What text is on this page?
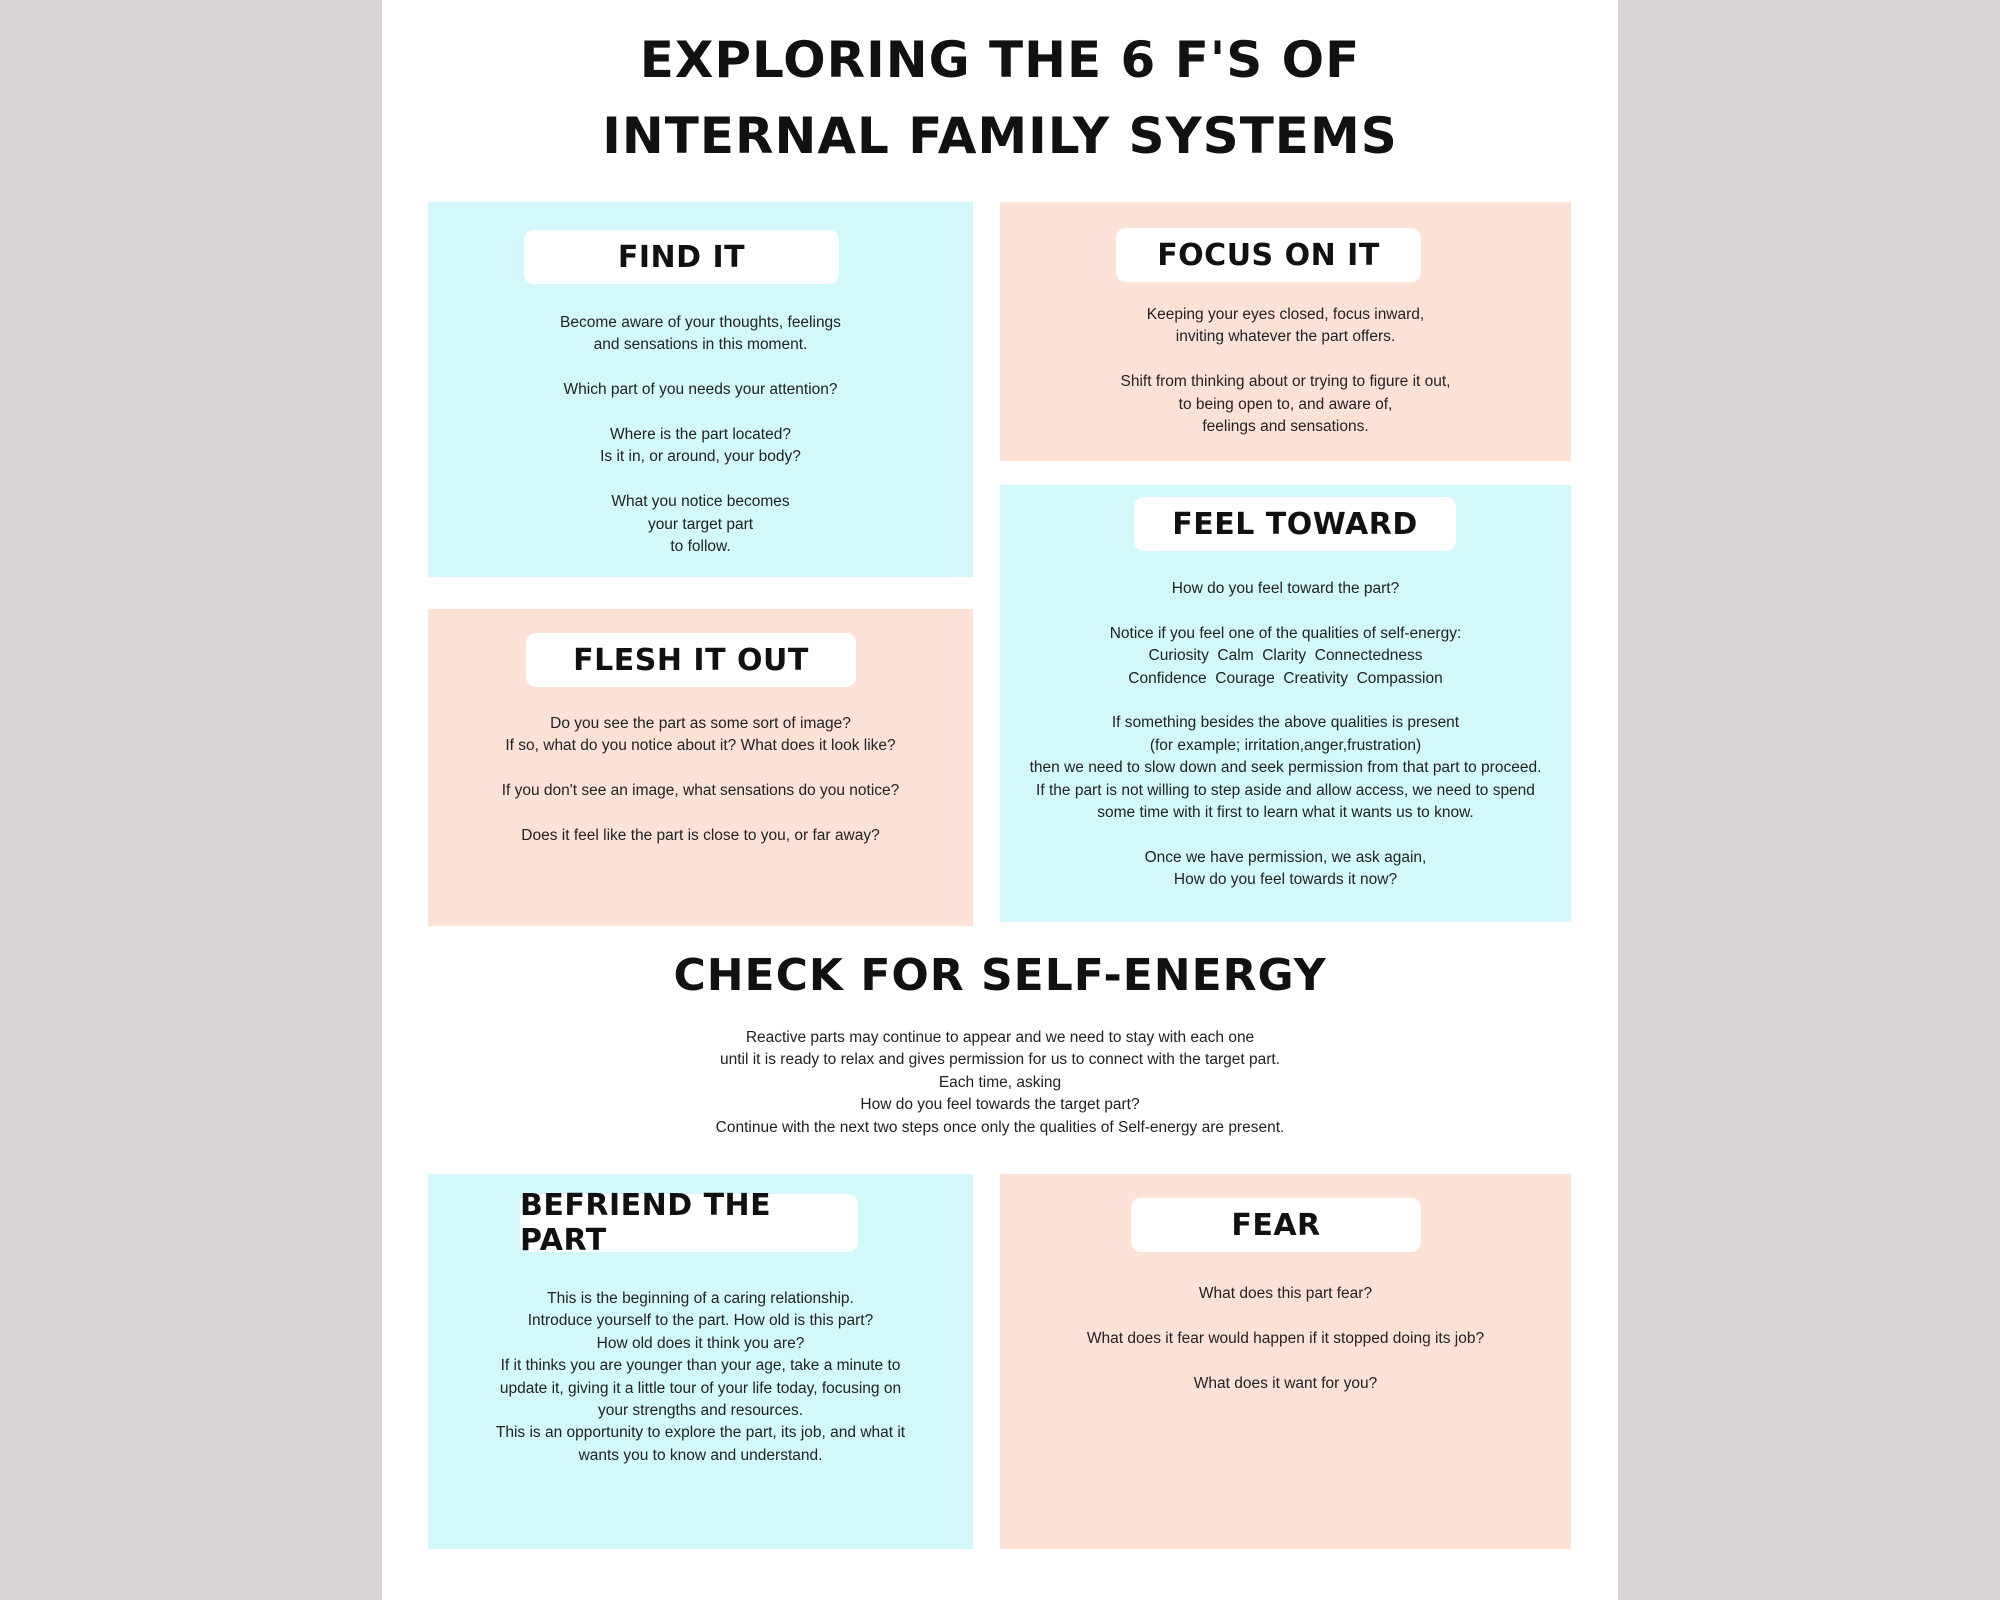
EXPLORING THE 6 F'S OF
INTERNAL FAMILY SYSTEMS
FIND IT
Become aware of your thoughts, feelings
and sensations in this moment.
Which part of you needs your attention?
Where is the part located?
Is it in, or around, your body?
What you notice becomes
your target part
to follow.
FOCUS ON IT
Keeping your eyes closed, focus inward,
inviting whatever the part offers.
Shift from thinking about or trying to figure it out,
to being open to, and aware of,
feelings and sensations.
FLESH IT OUT
Do you see the part as some sort of image?
If so, what do you notice about it? What does it look like?
If you don't see an image, what sensations do you notice?
Does it feel like the part is close to you, or far away?
FEEL TOWARD
How do you feel toward the part?
Notice if you feel one of the qualities of self-energy:
Curiosity  Calm  Clarity  Connectedness
Confidence  Courage  Creativity  Compassion
If something besides the above qualities is present
(for example; irritation,anger,frustration)
then we need to slow down and seek permission from that part to proceed.
If the part is not willing to step aside and allow access, we need to spend
some time with it first to learn what it wants us to know.
Once we have permission, we ask again,
How do you feel towards it now?
CHECK FOR SELF-ENERGY
Reactive parts may continue to appear and we need to stay with each one
until it is ready to relax and gives permission for us to connect with the target part.
Each time, asking
How do you feel towards the target part?
Continue with the next two steps once only the qualities of Self-energy are present.
BEFRIEND THE PART
This is the beginning of a caring relationship.
Introduce yourself to the part. How old is this part?
How old does it think you are?
If it thinks you are younger than your age, take a minute to
update it, giving it a little tour of your life today, focusing on
your strengths and resources.
This is an opportunity to explore the part, its job, and what it
wants you to know and understand.
FEAR
What does this part fear?
What does it fear would happen if it stopped doing its job?
What does it want for you?
